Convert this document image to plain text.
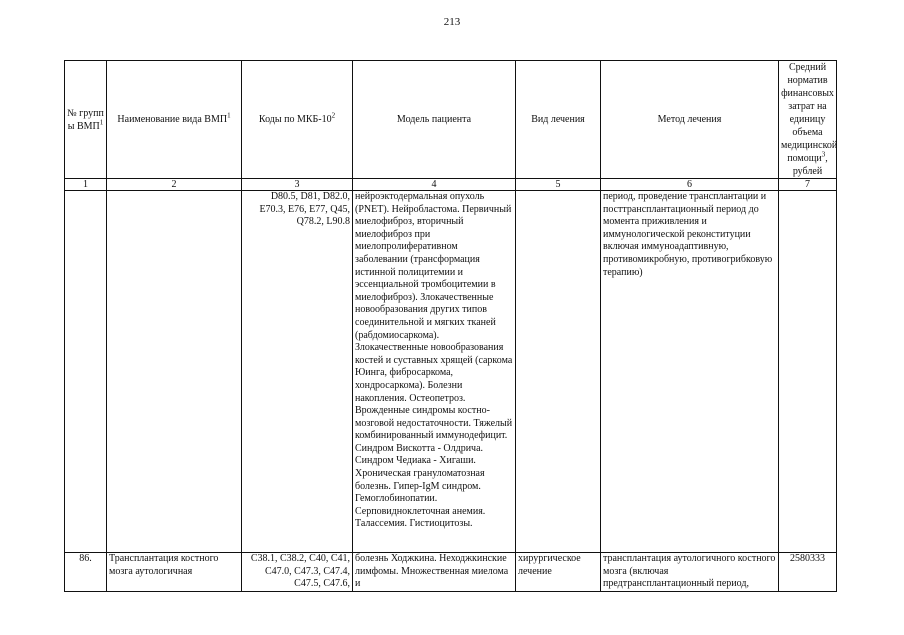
213
№ групп ы ВМП$^1$	Наименование вида ВМП$^1$	Коды по МКБ-$10^2$	Модель пациента	Вид лечения	Метод лечения	Средний норматив финансовых затрат на единицу объема медицинской помощи$^3$, рублей
1	2	3	4	5	6	7
		D80.5, D81, D82.0, E70.3, E76, E77, Q45, Q78.2, L90.8	нейроэктодермальная опухоль (PNET). Нейробластома. Первичный миелофиброз, вторичный миелофиброз при миелопролиферативном заболевании (трансформация истинной полицитемии и эссенциальной тромбоцитемии в миелофиброз). Злокачественные новообразования других типов соединительной и мягких тканей (рабдомиосаркома). Злокачественные новообразования костей и суставных хрящей (саркома Юинга, фибросаркома, хондросаркома). Болезни накопления. Остеопетроз. Врожденные синдромы костно-мозговой недостаточности. Тяжелый комбинированный иммунодефицит. Синдром Вискотта - Олдрича. Синдром Чедиака - Хигаши. Хроническая грануломатозная болезнь. Гипер-IgM синдром. Гемоглобинопатии. Серповидноклеточная анемия. Талассемия. Гистиоцитозы.		период, проведение трансплантации и посттрансплантационный период до момента приживления и иммунологической реконституции включая иммуноадаптивную, противомикробную, противогрибковую терапию)	
86.	Трансплантация костного мозга аутологичная	C38.1, C38.2, C40, C41, C47.0, C47.3, C47.4, C47.5, C47.6,	болезнь Ходжкина. Неходжкинские лимфомы. Множественная миелома и	хирургическое лечение	трансплантация аутологичного костного мозга (включая предтрансплантационный период,	2580333
